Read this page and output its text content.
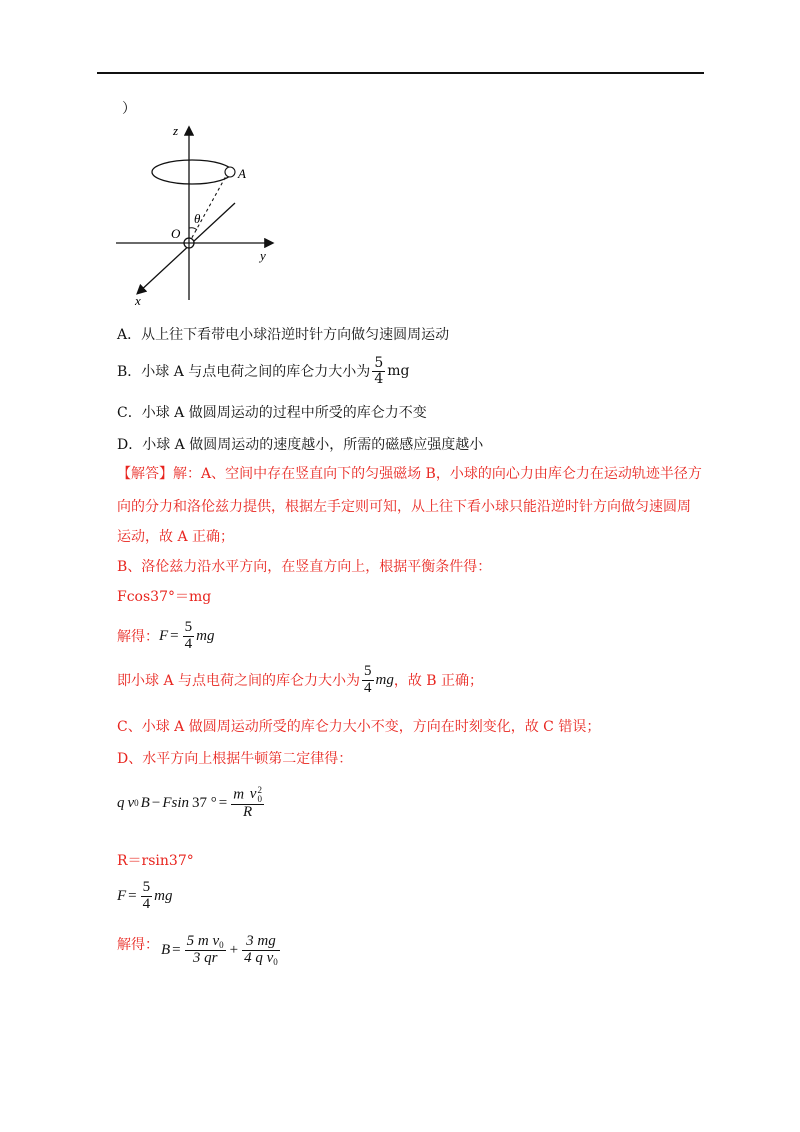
）
z
A
θ
O
y
x
A．从上往下看带电小球沿逆时针方向做匀速圆周运动
B．小球 A 与点电荷之间的库仑力大小为 $\frac{5}{4}$ mg
C．小球 A 做圆周运动的过程中所受的库仑力不变
D．小球 A 做圆周运动的速度越小，所需的磁感应强度越小
【解答】解：A、空间中存在竖直向下的匀强磁场 B，小球的向心力由库仑力在运动轨迹半径方
向的分力和洛伦兹力提供，根据左手定则可知，从上往下看小球只能沿逆时针方向做匀速圆周
运动，故 A 正确；
B、洛伦兹力沿水平方向，在竖直方向上，根据平衡条件得：
Fcos37°＝mg
解得： $F = \frac{5}{4}$ mg
即小球 A 与点电荷之间的库仑力大小为 $\frac{5}{4}$ mg ，故 B 正确；
C、小球 A 做圆周运动所受的库仑力大小不变，方向在时刻变化，故 C 错误；
D、水平方向上根据牛顿第二定律得：
q v 0 B − Fsin 37 ° = m v 2
0
R
R＝rsin37°
$F = \frac{5}{4}$ mg
解得： $B = \frac{5 m v_0}{3 qr} + \frac{3 mg}{4 q v_0}$
